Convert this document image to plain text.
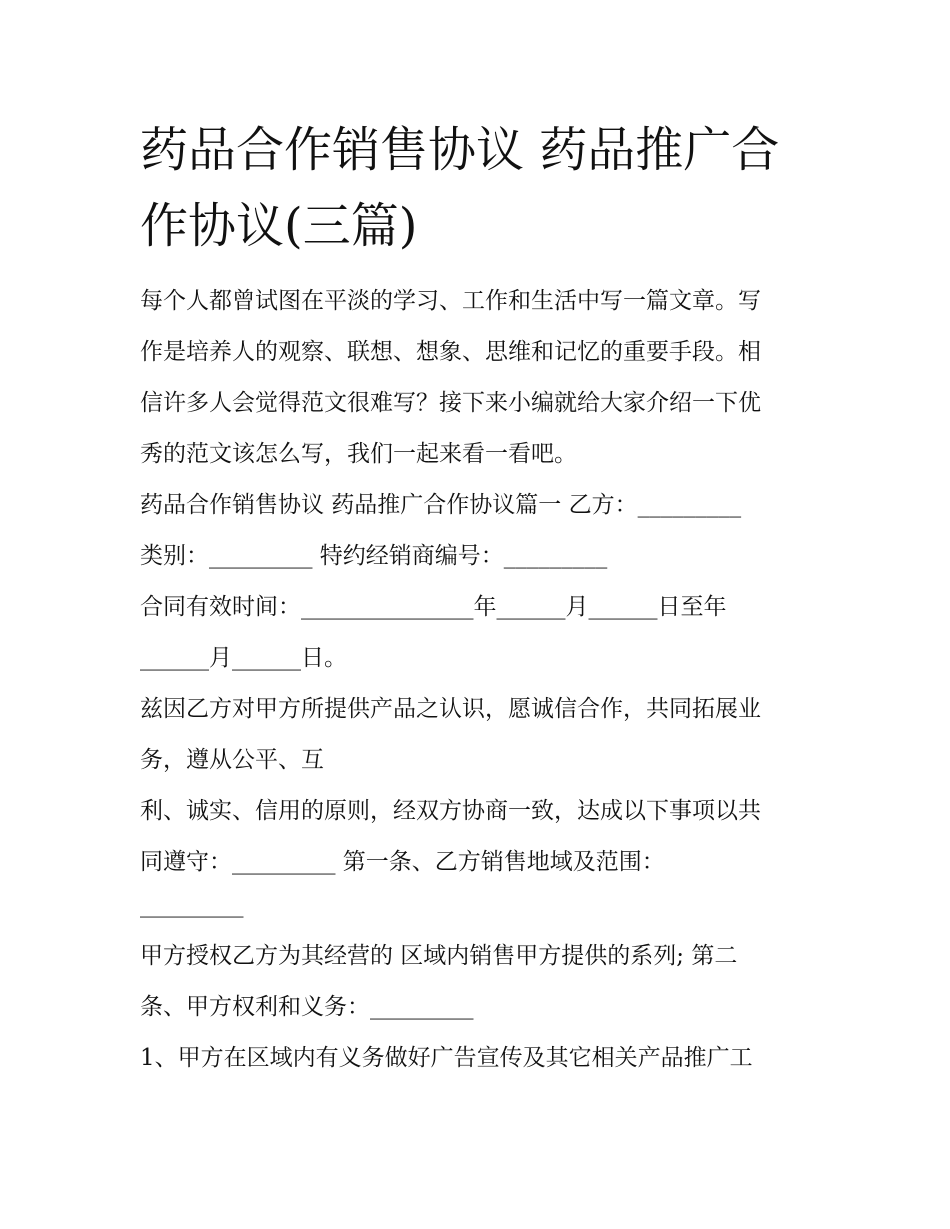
药品合作销售协议 药品推广合
作协议(三篇)

每个人都曾试图在平淡的学习、工作和生活中写一篇文章。写

作是培养人的观察、联想、想象、思维和记忆的重要手段。相

信许多人会觉得范文很难写？接下来小编就给大家介绍一下优

秀的范文该怎么写，我们一起来看一看吧。

药品合作销售协议 药品推广合作协议篇一 乙方：_________

类别：_________ 特约经销商编号：_________

合同有效时间：_______________年______月______日至年

______月______日。

兹因乙方对甲方所提供产品之认识，愿诚信合作，共同拓展业

务，遵从公平、互

利、诚实、信用的原则，经双方协商一致，达成以下事项以共

同遵守：_________ 第一条、乙方销售地域及范围：

_________

甲方授权乙方为其经营的 区域内销售甲方提供的系列; 第二

条、甲方权利和义务：_________

1、甲方在区域内有义务做好广告宣传及其它相关产品推广工
